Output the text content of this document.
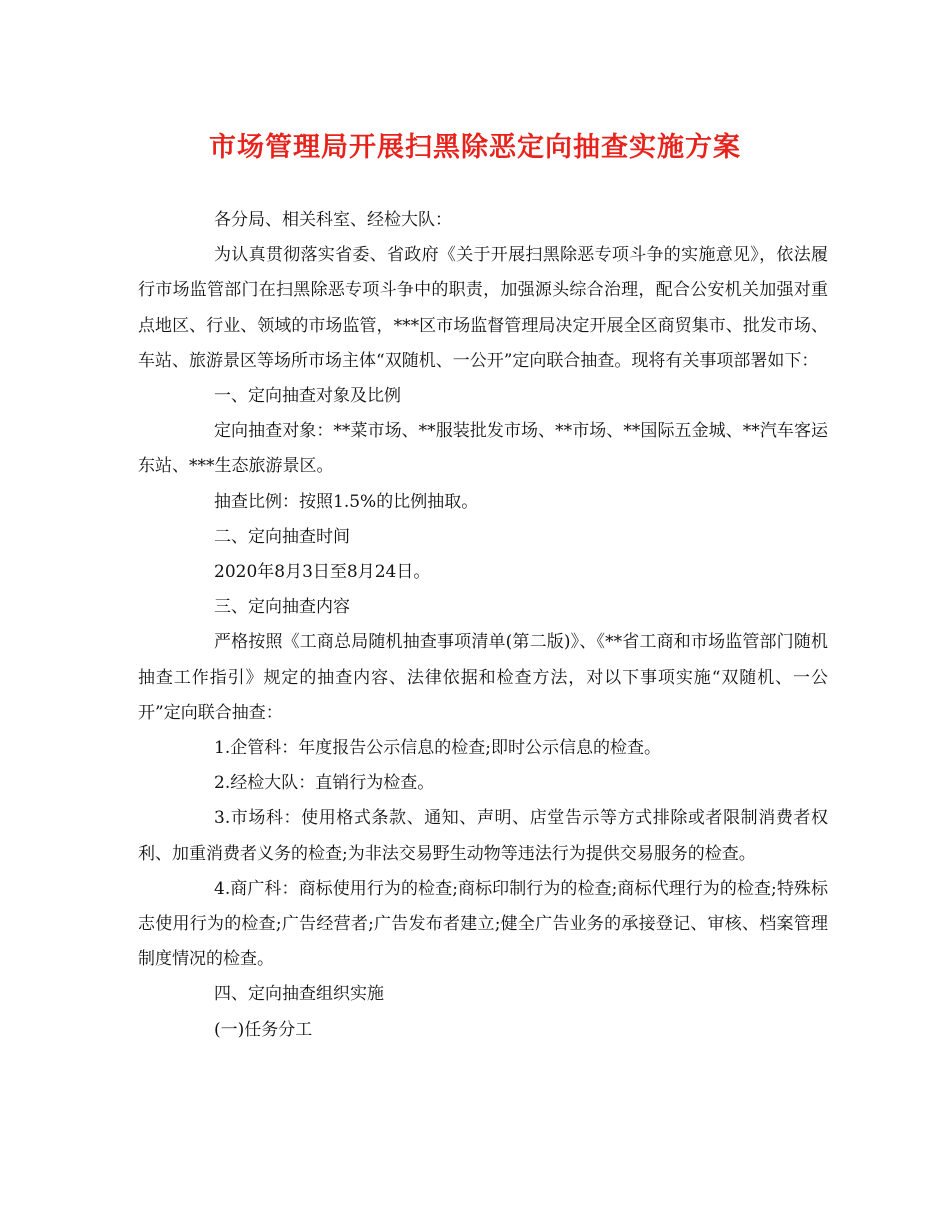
市场管理局开展扫黑除恶定向抽查实施方案

各分局、相关科室、经检大队：

为认真贯彻落实省委、省政府《关于开展扫黑除恶专项斗争的实施意见》，依法履行市场监管部门在扫黑除恶专项斗争中的职责，加强源头综合治理，配合公安机关加强对重点地区、行业、领域的市场监管，***区市场监督管理局决定开展全区商贸集市、批发市场、车站、旅游景区等场所市场主体“双随机、一公开”定向联合抽查。现将有关事项部署如下：

一、定向抽查对象及比例

定向抽查对象：**菜市场、**服装批发市场、**市场、**国际五金城、**汽车客运东站、***生态旅游景区。

抽查比例：按照1.5%的比例抽取。

二、定向抽查时间

2020年8月3日至8月24日。

三、定向抽查内容

严格按照《工商总局随机抽查事项清单(第二版)》、《**省工商和市场监管部门随机抽查工作指引》规定的抽查内容、法律依据和检查方法，对以下事项实施“双随机、一公开”定向联合抽查：

1.企管科：年度报告公示信息的检查;即时公示信息的检查。

2.经检大队：直销行为检查。

3.市场科：使用格式条款、通知、声明、店堂告示等方式排除或者限制消费者权利、加重消费者义务的检查;为非法交易野生动物等违法行为提供交易服务的检查。

4.商广科：商标使用行为的检查;商标印制行为的检查;商标代理行为的检查;特殊标志使用行为的检查;广告经营者;广告发布者建立;健全广告业务的承接登记、审核、档案管理制度情况的检查。

四、定向抽查组织实施

(一)任务分工
